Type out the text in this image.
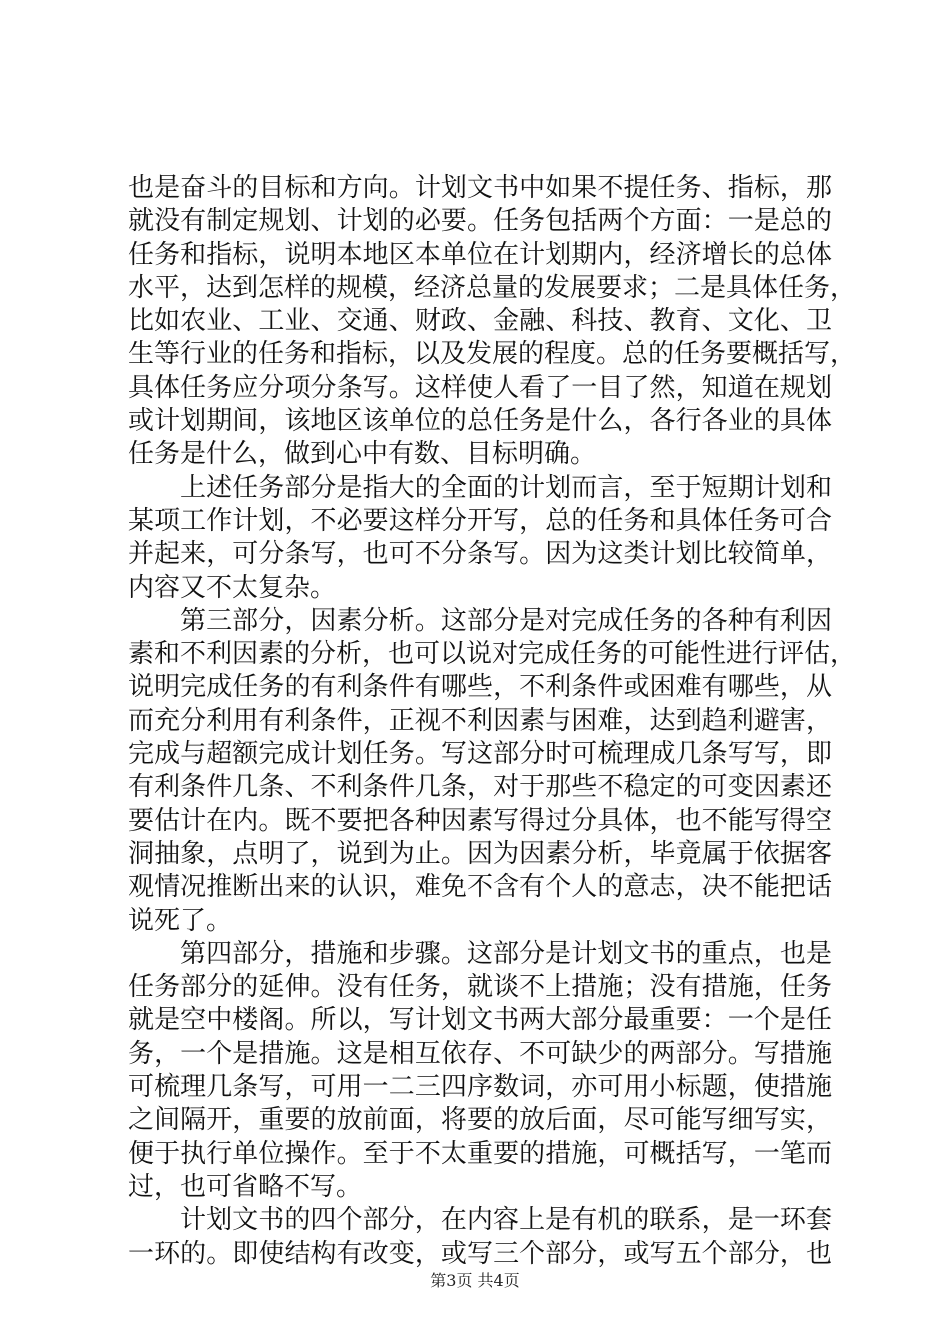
也是奋斗的目标和方向。计划文书中如果不提任务、指标，那
就没有制定规划、计划的必要。任务包括两个方面：一是总的
任务和指标，说明本地区本单位在计划期内，经济增长的总体
水平，达到怎样的规模，经济总量的发展要求；二是具体任务，
比如农业、工业、交通、财政、金融、科技、教育、文化、卫
生等行业的任务和指标，以及发展的程度。总的任务要概括写，
具体任务应分项分条写。这样使人看了一目了然，知道在规划
或计划期间，该地区该单位的总任务是什么，各行各业的具体
任务是什么，做到心中有数、目标明确。
上述任务部分是指大的全面的计划而言，至于短期计划和
某项工作计划，不必要这样分开写，总的任务和具体任务可合
并起来，可分条写，也可不分条写。因为这类计划比较简单，
内容又不太复杂。
第三部分，因素分析。这部分是对完成任务的各种有利因
素和不利因素的分析，也可以说对完成任务的可能性进行评估，
说明完成任务的有利条件有哪些，不利条件或困难有哪些，从
而充分利用有利条件，正视不利因素与困难，达到趋利避害，
完成与超额完成计划任务。写这部分时可梳理成几条写写，即
有利条件几条、不利条件几条，对于那些不稳定的可变因素还
要估计在内。既不要把各种因素写得过分具体，也不能写得空
洞抽象，点明了，说到为止。因为因素分析，毕竟属于依据客
观情况推断出来的认识，难免不含有个人的意志，决不能把话
说死了。
第四部分，措施和步骤。这部分是计划文书的重点，也是
任务部分的延伸。没有任务，就谈不上措施；没有措施，任务
就是空中楼阁。所以，写计划文书两大部分最重要：一个是任
务，一个是措施。这是相互依存、不可缺少的两部分。写措施
可梳理几条写，可用一二三四序数词，亦可用小标题，使措施
之间隔开，重要的放前面，将要的放后面，尽可能写细写实，
便于执行单位操作。至于不太重要的措施，可概括写，一笔而
过，也可省略不写。
计划文书的四个部分，在内容上是有机的联系，是一环套
一环的。即使结构有改变，或写三个部分，或写五个部分，也
第3页 共4页
